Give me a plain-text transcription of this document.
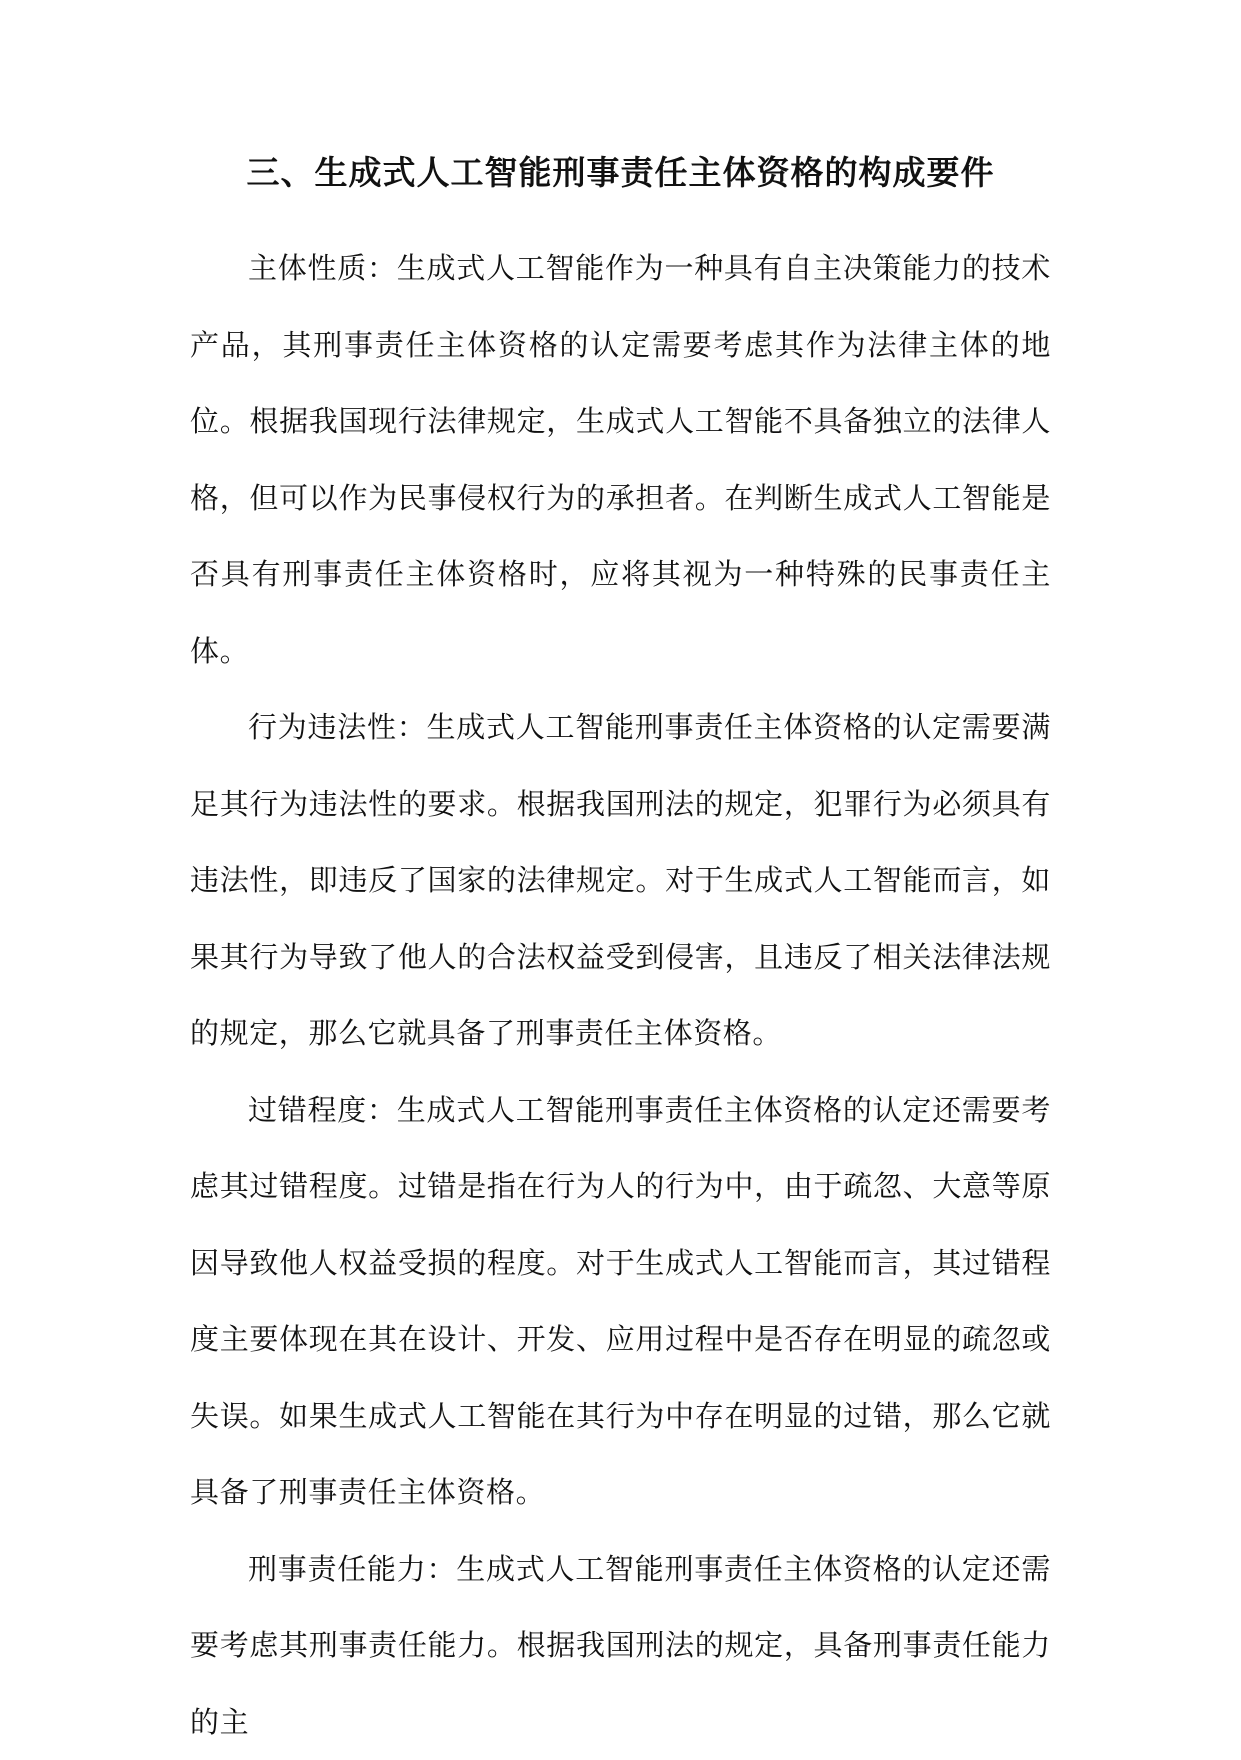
三、生成式人工智能刑事责任主体资格的构成要件

主体性质：生成式人工智能作为一种具有自主决策能力的技术产品，其刑事责任主体资格的认定需要考虑其作为法律主体的地位。根据我国现行法律规定，生成式人工智能不具备独立的法律人格，但可以作为民事侵权行为的承担者。在判断生成式人工智能是否具有刑事责任主体资格时，应将其视为一种特殊的民事责任主体。

行为违法性：生成式人工智能刑事责任主体资格的认定需要满足其行为违法性的要求。根据我国刑法的规定，犯罪行为必须具有违法性，即违反了国家的法律规定。对于生成式人工智能而言，如果其行为导致了他人的合法权益受到侵害，且违反了相关法律法规的规定，那么它就具备了刑事责任主体资格。

过错程度：生成式人工智能刑事责任主体资格的认定还需要考虑其过错程度。过错是指在行为人的行为中，由于疏忽、大意等原因导致他人权益受损的程度。对于生成式人工智能而言，其过错程度主要体现在其在设计、开发、应用过程中是否存在明显的疏忽或失误。如果生成式人工智能在其行为中存在明显的过错，那么它就具备了刑事责任主体资格。

刑事责任能力：生成式人工智能刑事责任主体资格的认定还需要考虑其刑事责任能力。根据我国刑法的规定，具备刑事责任能力的主
